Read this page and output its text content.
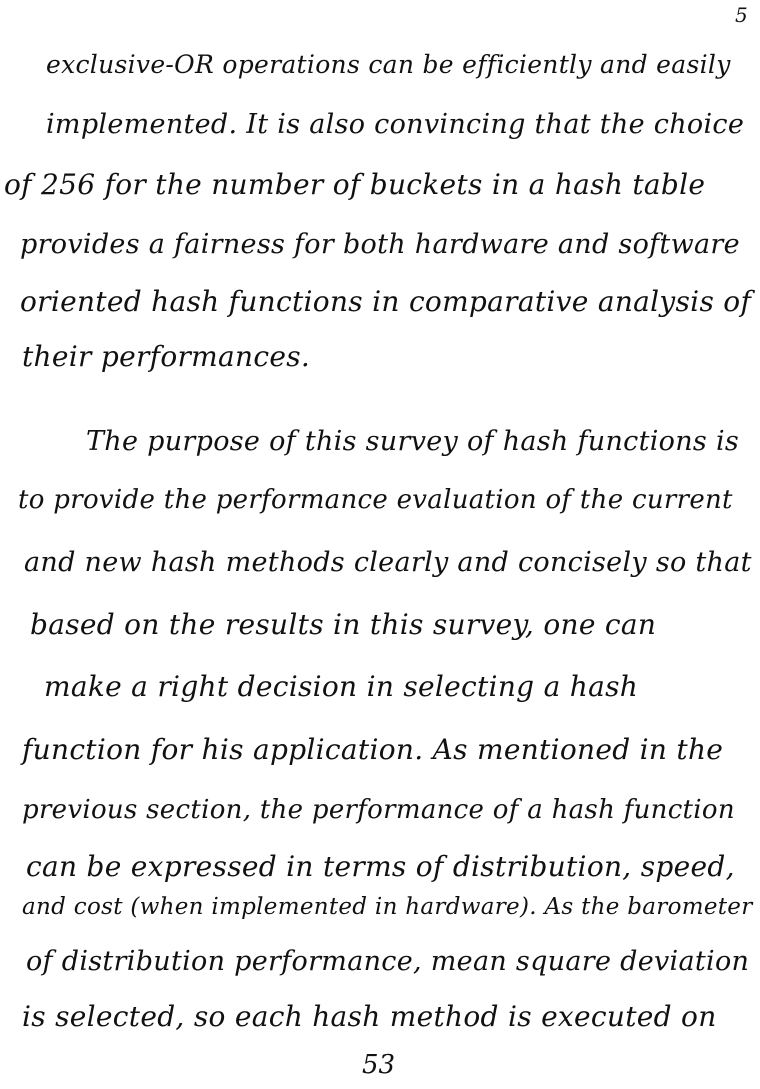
5
exclusive-OR operations can be efficiently and easily
implemented. It is also convincing that the choice
of 256 for the number of buckets in a hash table
provides a fairness for both hardware and software
oriented hash functions in comparative analysis of
their performances.
The purpose of this survey of hash functions is
to provide the performance evaluation of the current
and new hash methods clearly and concisely so that
based on the results in this survey, one can
make a right decision in selecting a hash
function for his application. As mentioned in the
previous section, the performance of a hash function
can be expressed in terms of distribution, speed,
and cost (when implemented in hardware). As the barometer
of distribution performance, mean square deviation
is selected, so each hash method is executed on
53
